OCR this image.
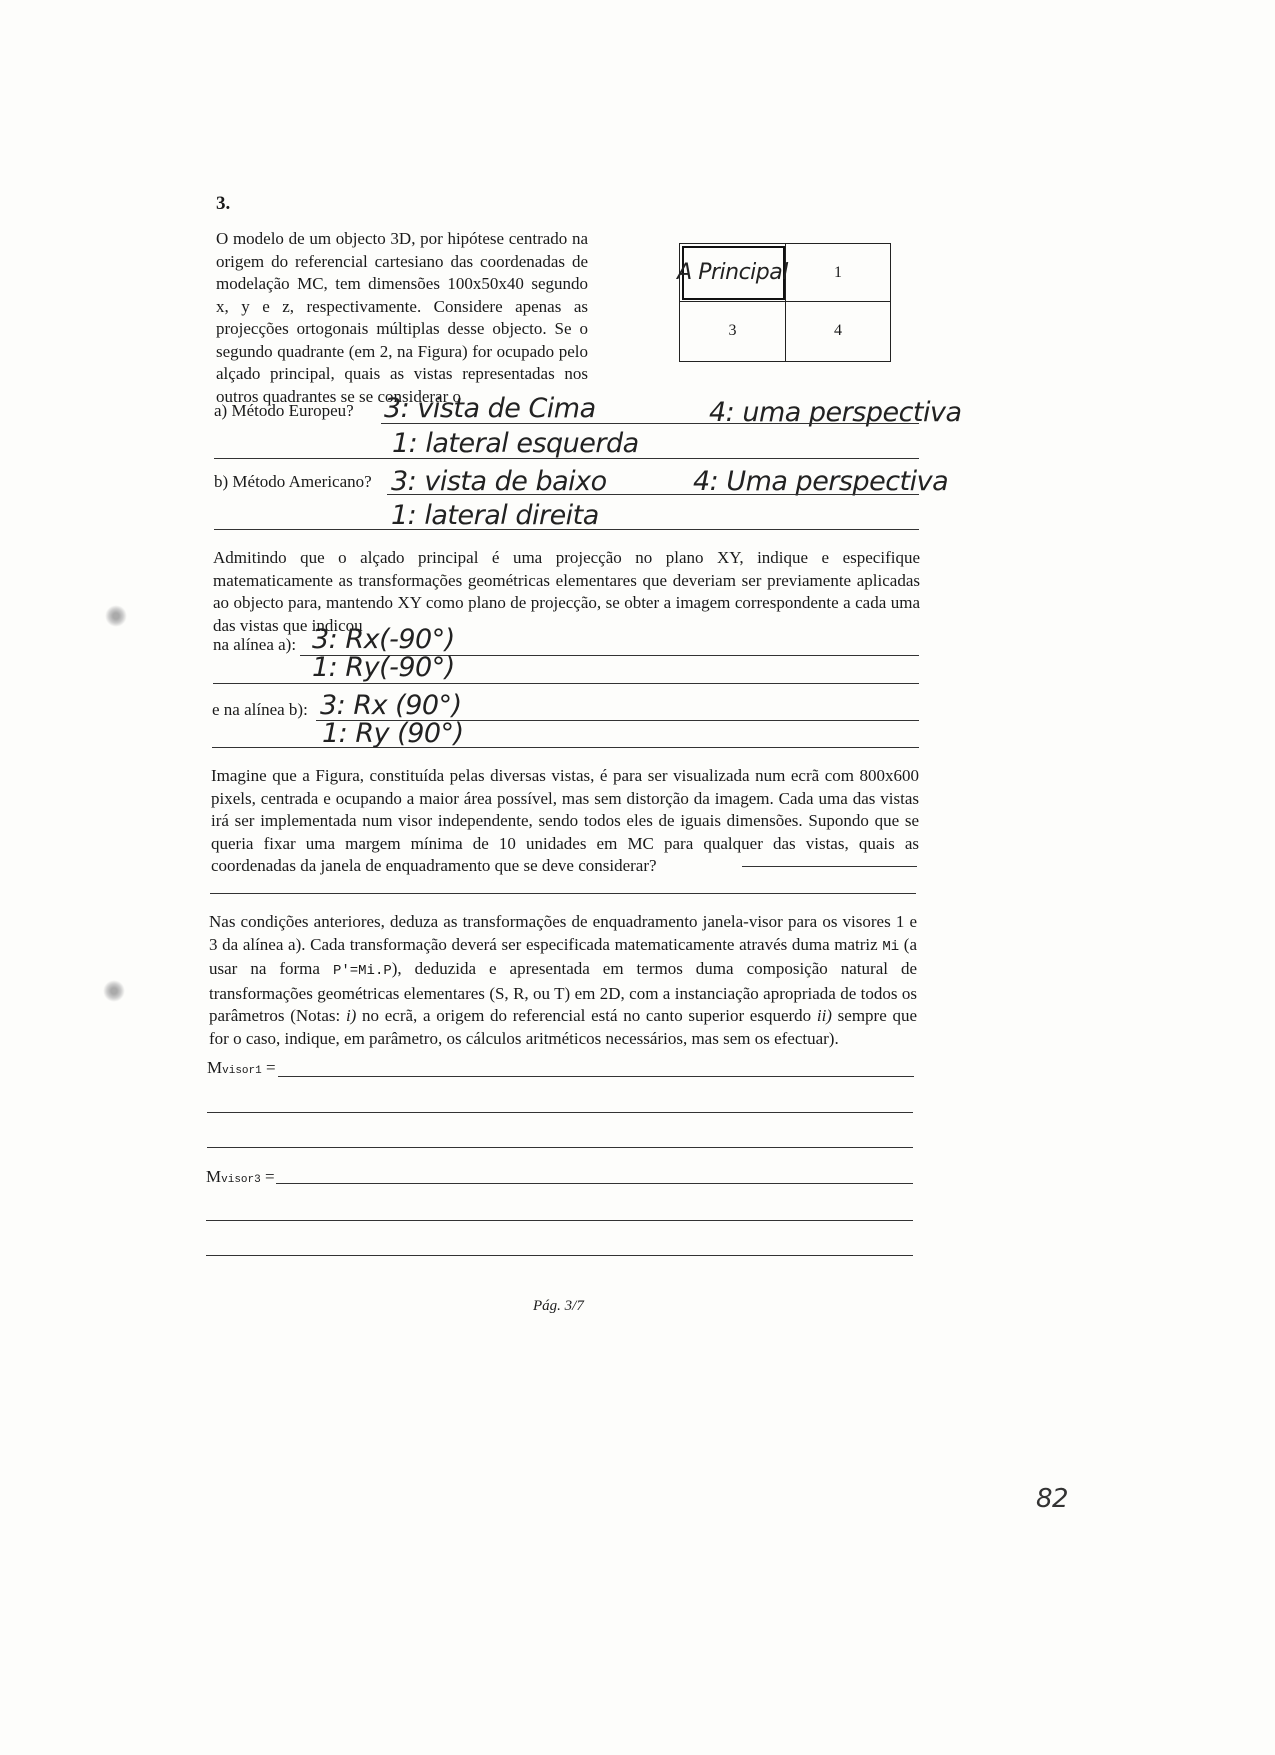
3.
O modelo de um objecto 3D, por hipótese centrado na origem do referencial cartesiano das coordenadas de modelação MC, tem dimensões 100x50x40 segundo x, y e z, respectivamente. Considere apenas as projecções ortogonais múltiplas desse objecto. Se o segundo quadrante (em 2, na Figura) for ocupado pelo alçado principal, quais as vistas representadas nos outros quadrantes se se considerar o
A Principal	1
3	4
a) Método Europeu? 3: vista de Cima	4: uma perspectiva
1: lateral esquerda
b) Método Americano? 3: vista de baixo	4: Uma perspectiva
1: lateral direita
Admitindo que o alçado principal é uma projecção no plano XY, indique e especifique matematicamente as transformações geométricas elementares que deveriam ser previamente aplicadas ao objecto para, mantendo XY como plano de projecção, se obter a imagem correspondente a cada uma das vistas que indicou
na alínea a): 3: Rx(-90°)
1: Ry(-90°)
e na alínea b): 3: Rx (90°)
1: Ry (90°)
Imagine que a Figura, constituída pelas diversas vistas, é para ser visualizada num ecrã com 800x600 pixels, centrada e ocupando a maior área possível, mas sem distorção da imagem. Cada uma das vistas irá ser implementada num visor independente, sendo todos eles de iguais dimensões. Supondo que se queria fixar uma margem mínima de 10 unidades em MC para qualquer das vistas, quais as coordenadas da janela de enquadramento que se deve considerar?
Nas condições anteriores, deduza as transformações de enquadramento janela-visor para os visores 1 e 3 da alínea a). Cada transformação deverá ser especificada matematicamente através duma matriz Mi (a usar na forma P'=Mi.P), deduzida e apresentada em termos duma composição natural de transformações geométricas elementares (S, R, ou T) em 2D, com a instanciação apropriada de todos os parâmetros (Notas: i) no ecrã, a origem do referencial está no canto superior esquerdo ii) sempre que for o caso, indique, em parâmetro, os cálculos aritméticos necessários, mas sem os efectuar).
Mvisor1 =
Mvisor3 =
Pág. 3/7
82
